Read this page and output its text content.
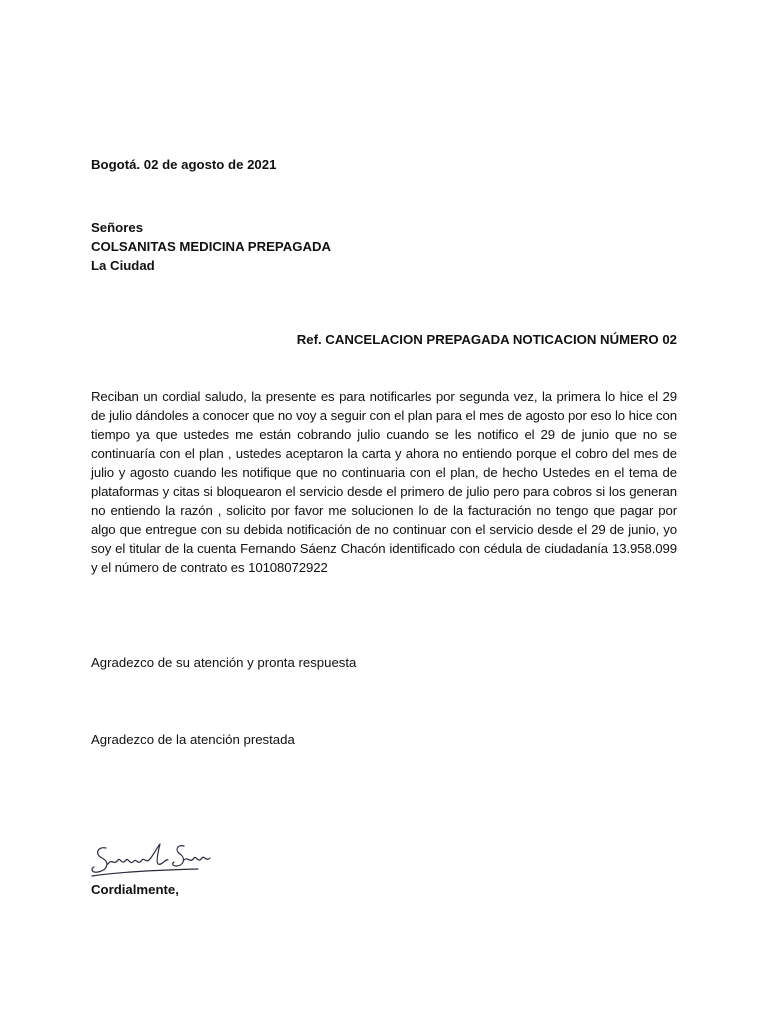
Bogotá. 02 de agosto de 2021
Señores
COLSANITAS MEDICINA PREPAGADA
La Ciudad
Ref. CANCELACION PREPAGADA NOTICACION NÚMERO 02
Reciban un cordial saludo, la presente es para notificarles por segunda vez, la primera lo hice el 29 de julio dándoles a conocer que no voy a seguir con el plan para el mes de agosto por eso lo hice con tiempo ya que ustedes me están cobrando julio cuando se les notifico el 29 de junio que no se continuaría con el plan , ustedes aceptaron la carta y ahora no entiendo porque el cobro del mes de julio y agosto cuando les notifique que no continuaria con el plan, de hecho Ustedes en el tema de plataformas y citas si bloquearon el servicio desde el primero de julio pero para cobros si los generan no entiendo la razón , solicito por favor me solucionen lo de la facturación no tengo que pagar por algo que entregue con su debida notificación de no continuar con el servicio desde el 29 de junio, yo soy el titular de la cuenta Fernando Sáenz Chacón identificado con cédula de ciudadanía 13.958.099 y el número de contrato es 10108072922
Agradezco de su atención y pronta respuesta
Agradezco de la atención prestada
Cordialmente,
